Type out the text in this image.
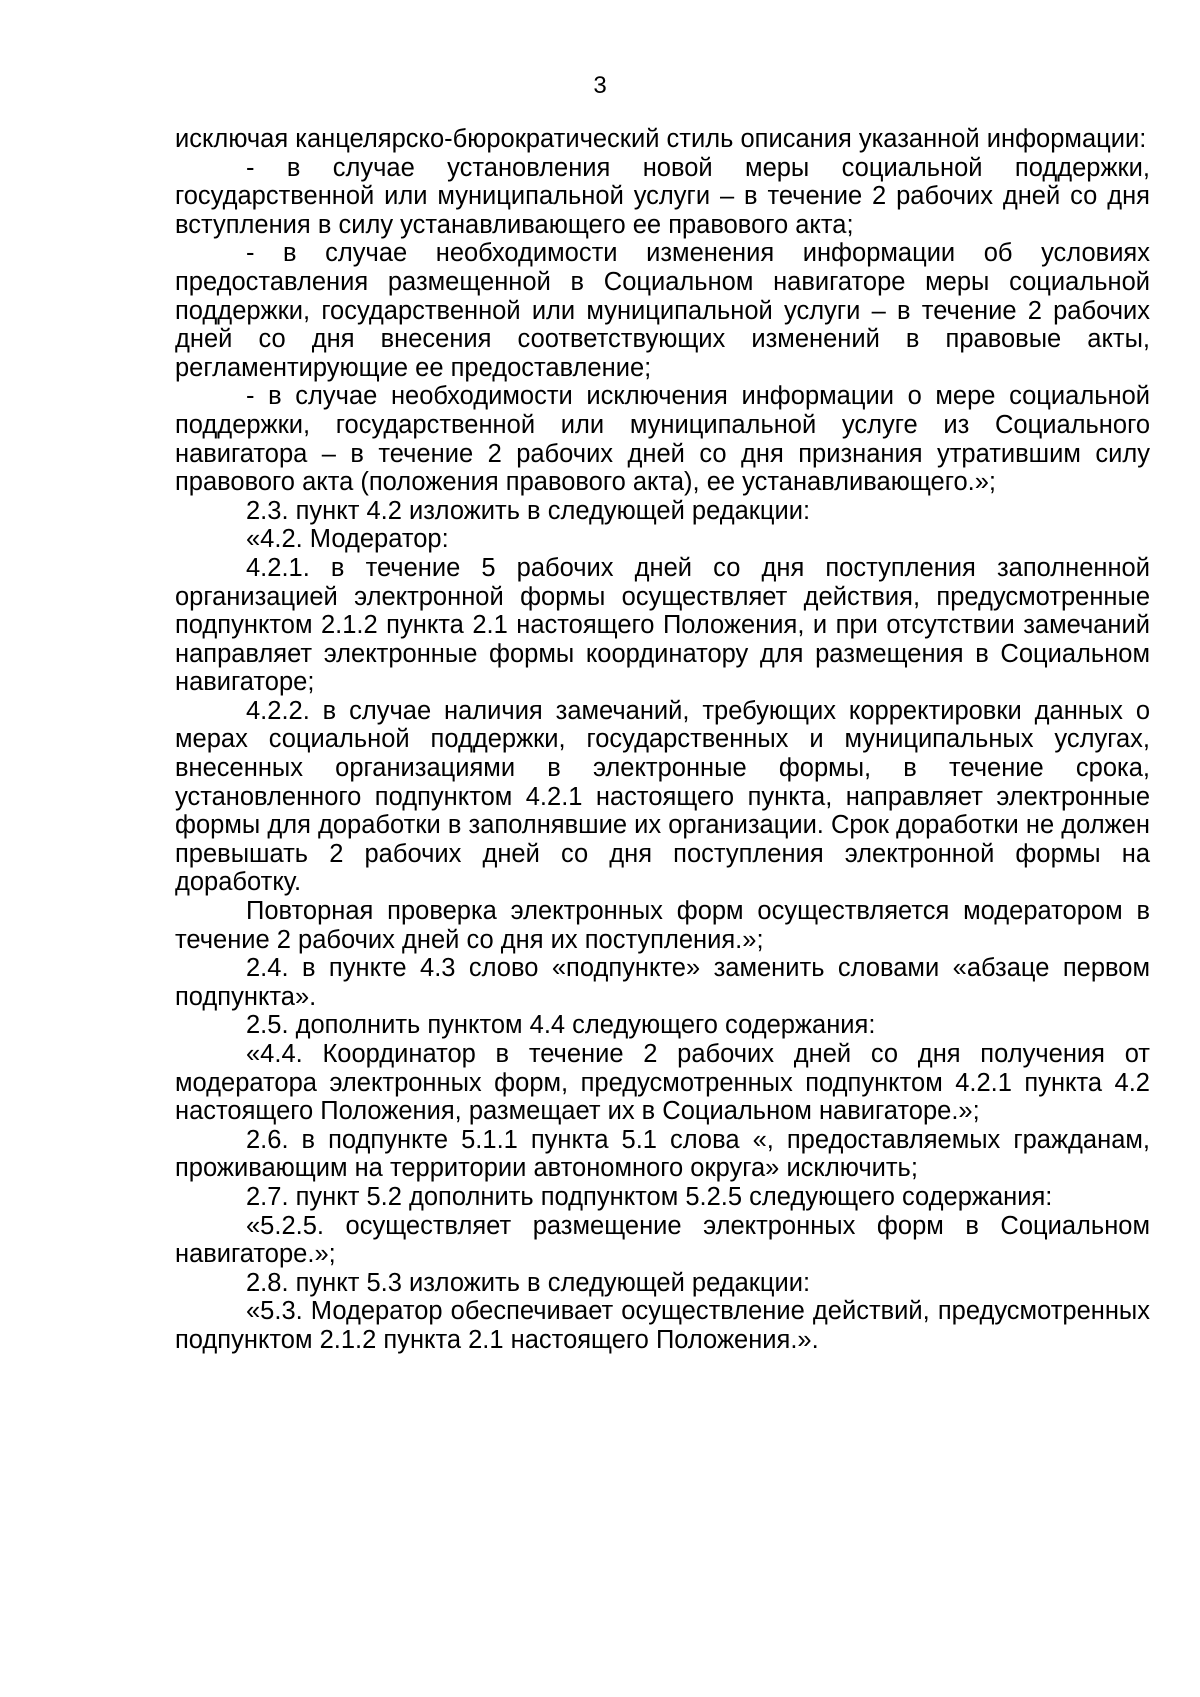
3

исключая канцелярско-бюрократический стиль описания указанной информации:

- в случае установления новой меры социальной поддержки, государственной или муниципальной услуги – в течение 2 рабочих дней со дня вступления в силу устанавливающего ее правового акта;

- в случае необходимости изменения информации об условиях предоставления размещенной в Социальном навигаторе меры социальной поддержки, государственной или муниципальной услуги – в течение 2 рабочих дней со дня внесения соответствующих изменений в правовые акты, регламентирующие ее предоставление;

- в случае необходимости исключения информации о мере социальной поддержки, государственной или муниципальной услуге из Социального навигатора – в течение 2 рабочих дней со дня признания утратившим силу правового акта (положения правового акта), ее устанавливающего.»;

2.3. пункт 4.2 изложить в следующей редакции:

«4.2. Модератор:

4.2.1. в течение 5 рабочих дней со дня поступления заполненной организацией электронной формы осуществляет действия, предусмотренные подпунктом 2.1.2 пункта 2.1 настоящего Положения, и при отсутствии замечаний направляет электронные формы координатору для размещения в Социальном навигаторе;

4.2.2. в случае наличия замечаний, требующих корректировки данных о мерах социальной поддержки, государственных и муниципальных услугах, внесенных организациями в электронные формы, в течение срока, установленного подпунктом 4.2.1 настоящего пункта, направляет электронные формы для доработки в заполнявшие их организации. Срок доработки не должен превышать 2 рабочих дней со дня поступления электронной формы на доработку.

Повторная проверка электронных форм осуществляется модератором в течение 2 рабочих дней со дня их поступления.»;

2.4. в пункте 4.3 слово «подпункте» заменить словами «абзаце первом подпункта».

2.5. дополнить пунктом 4.4 следующего содержания:

«4.4. Координатор в течение 2 рабочих дней со дня получения от модератора электронных форм, предусмотренных подпунктом 4.2.1 пункта 4.2 настоящего Положения, размещает их в Социальном навигаторе.»;

2.6. в подпункте 5.1.1 пункта 5.1 слова «, предоставляемых гражданам, проживающим на территории автономного округа» исключить;

2.7. пункт 5.2 дополнить подпунктом 5.2.5 следующего содержания:

«5.2.5. осуществляет размещение электронных форм в Социальном навигаторе.»;

2.8. пункт 5.3 изложить в следующей редакции:

«5.3. Модератор обеспечивает осуществление действий, предусмотренных подпунктом 2.1.2 пункта 2.1 настоящего Положения.».
